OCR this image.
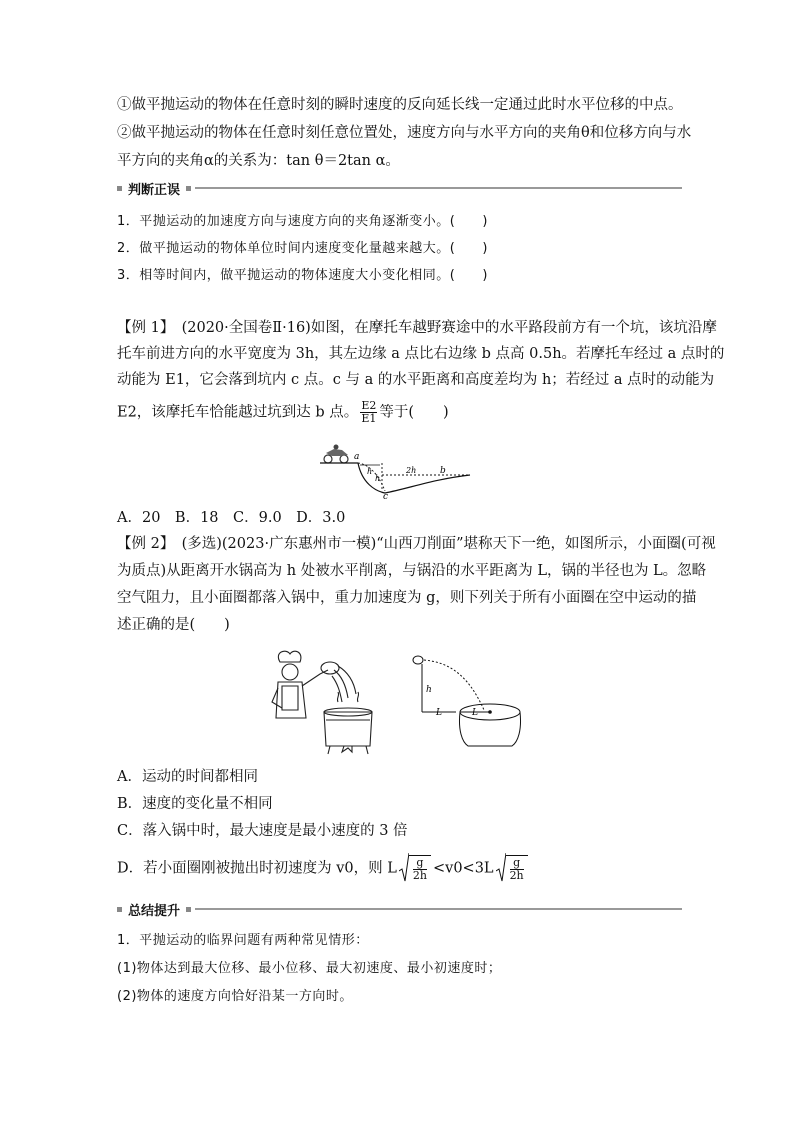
①做平抛运动的物体在任意时刻的瞬时速度的反向延长线一定通过此时水平位移的中点。
②做平抛运动的物体在任意时刻任意位置处，速度方向与水平方向的夹角θ和位移方向与水
平方向的夹角α的关系为：tan θ＝2tan α。
判断正误
1．平抛运动的加速度方向与速度方向的夹角逐渐变小。(　　)
2．做平抛运动的物体单位时间内速度变化量越来越大。(　　)
3．相等时间内，做平抛运动的物体速度大小变化相同。(　　)
【例 1】　(2020·全国卷Ⅱ·16)如图，在摩托车越野赛途中的水平路段前方有一个坑，该坑沿摩
托车前进方向的水平宽度为 3h，其左边缘 a 点比右边缘 b 点高 0.5h。若摩托车经过 a 点时的
动能为 E1，它会落到坑内 c 点。c 与 a 的水平距离和高度差均为 h；若经过 a 点时的动能为
E2，该摩托车恰能越过坑到达 b 点。 $\frac{E2}{E1}$ 等于(　　)
a
h
h
2h	b
c
A．20　B．18　C．9.0　D．3.0
【例 2】　(多选)(2023·广东惠州市一模)“山西刀削面”堪称天下一绝，如图所示，小面圈(可视
为质点)从距离开水锅高为 h 处被水平削离，与锅沿的水平距离为 L，锅的半径也为 L。忽略
空气阻力，且小面圈都落入锅中，重力加速度为 g，则下列关于所有小面圈在空中运动的描
述正确的是(　　)
h
L	L
A．运动的时间都相同
B．速度的变化量不相同
C．落入锅中时，最大速度是最小速度的 3 倍
D．若小面圈刚被抛出时初速度为 v0，则 L $\frac{g}{2h} <v0<3L \frac{g}{2h}$
总结提升
1．平抛运动的临界问题有两种常见情形：
(1)物体达到最大位移、最小位移、最大初速度、最小初速度时；
(2)物体的速度方向恰好沿某一方向时。
